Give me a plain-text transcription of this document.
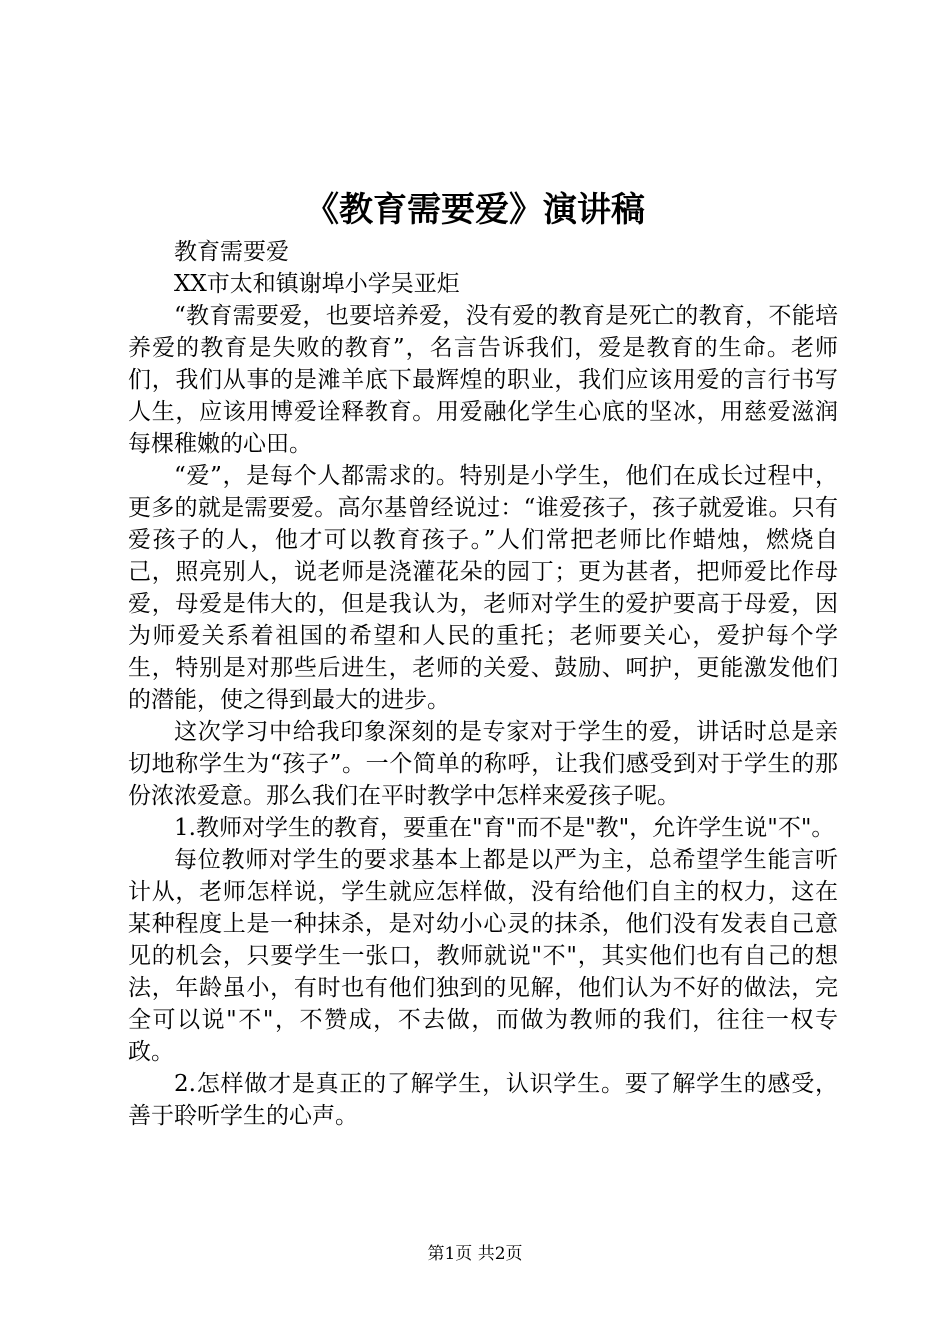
《教育需要爱》演讲稿

教育需要爱

XX市太和镇谢埠小学吴亚炬

“教育需要爱，也要培养爱，没有爱的教育是死亡的教育，不能培养爱的教育是失败的教育”，名言告诉我们，爱是教育的生命。老师们，我们从事的是滩羊底下最辉煌的职业，我们应该用爱的言行书写人生，应该用博爱诠释教育。用爱融化学生心底的坚冰，用慈爱滋润每棵稚嫩的心田。

“爱”，是每个人都需求的。特别是小学生，他们在成长过程中，更多的就是需要爱。高尔基曾经说过：“谁爱孩子，孩子就爱谁。只有爱孩子的人，他才可以教育孩子。”人们常把老师比作蜡烛，燃烧自己，照亮别人，说老师是浇灌花朵的园丁；更为甚者，把师爱比作母爱，母爱是伟大的，但是我认为，老师对学生的爱护要高于母爱，因为师爱关系着祖国的希望和人民的重托；老师要关心，爱护每个学生，特别是对那些后进生，老师的关爱、鼓励、呵护，更能激发他们的潜能，使之得到最大的进步。

这次学习中给我印象深刻的是专家对于学生的爱，讲话时总是亲切地称学生为“孩子”。一个简单的称呼，让我们感受到对于学生的那份浓浓爱意。那么我们在平时教学中怎样来爱孩子呢。

1.教师对学生的教育，要重在"育"而不是"教"，允许学生说"不"。

每位教师对学生的要求基本上都是以严为主，总希望学生能言听计从，老师怎样说，学生就应怎样做，没有给他们自主的权力，这在某种程度上是一种抹杀，是对幼小心灵的抹杀，他们没有发表自己意见的机会，只要学生一张口，教师就说"不"，其实他们也有自己的想法，年龄虽小，有时也有他们独到的见解，他们认为不好的做法，完全可以说"不"，不赞成，不去做，而做为教师的我们，往往一权专政。

2.怎样做才是真正的了解学生，认识学生。要了解学生的感受，善于聆听学生的心声。

第1页 共2页
